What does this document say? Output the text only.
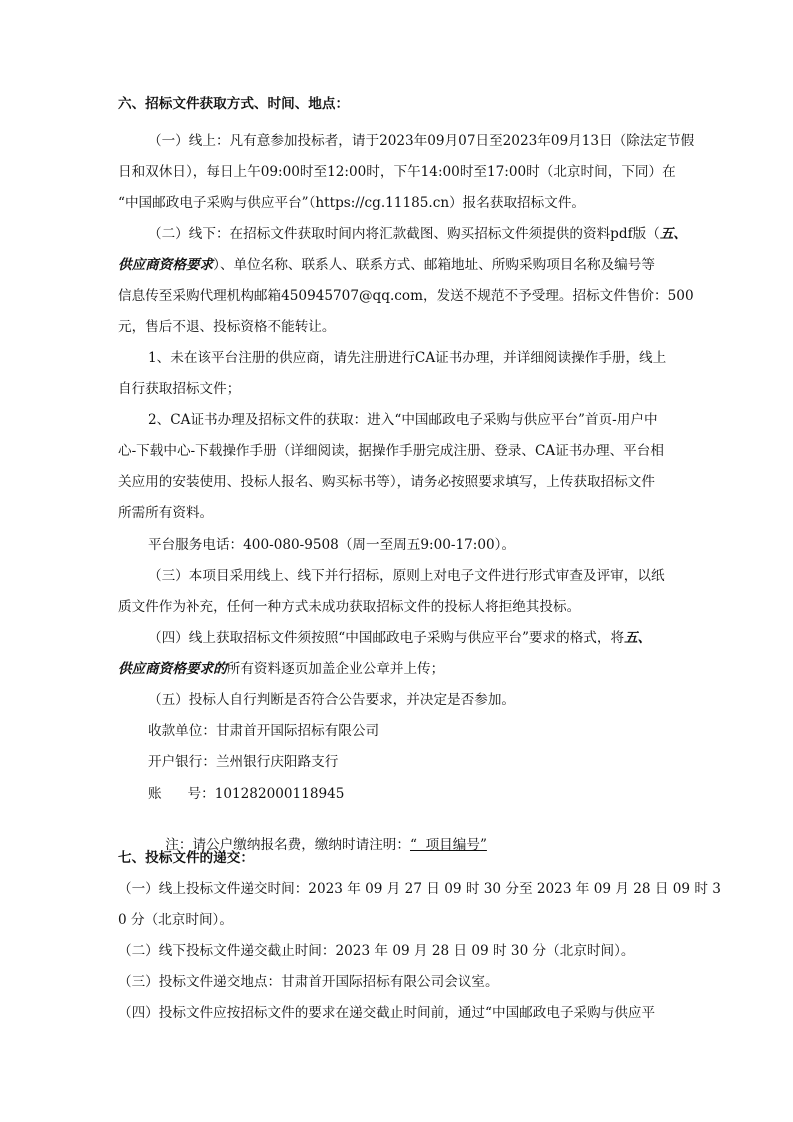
六、招标文件获取方式、时间、地点：
（一）线上：凡有意参加投标者，请于2023年09月07日至2023年09月13日（除法定节假
日和双休日），每日上午09:00时至12:00时，下午14:00时至17:00时（北京时间，下同）在
“中国邮政电子采购与供应平台”（https://cg.11185.cn）报名获取招标文件。
（二）线下：在招标文件获取时间内将汇款截图、购买招标文件须提供的资料pdf版（五、
供应商资格要求）、单位名称、联系人、联系方式、邮箱地址、所购采购项目名称及编号等
信息传至采购代理机构邮箱450945707@qq.com，发送不规范不予受理。招标文件售价：500
元，售后不退、投标资格不能转让。
1、未在该平台注册的供应商，请先注册进行CA证书办理，并详细阅读操作手册，线上
自行获取招标文件；
2、CA证书办理及招标文件的获取：进入“中国邮政电子采购与供应平台”首页-用户中
心-下载中心-下载操作手册（详细阅读，据操作手册完成注册、登录、CA证书办理、平台相
关应用的安装使用、投标人报名、购买标书等），请务必按照要求填写，上传获取招标文件
所需所有资料。
平台服务电话：400-080-9508（周一至周五9:00-17:00）。
（三）本项目采用线上、线下并行招标，原则上对电子文件进行形式审查及评审，以纸
质文件作为补充，任何一种方式未成功获取招标文件的投标人将拒绝其投标。
（四）线上获取招标文件须按照“中国邮政电子采购与供应平台”要求的格式，将五、
供应商资格要求的所有资料逐页加盖企业公章并上传；
（五）投标人自行判断是否符合公告要求，并决定是否参加。
收款单位：甘肃首开国际招标有限公司
开户银行：兰州银行庆阳路支行
账      号：101282000118945

注：请公户缴纳报名费，缴纳时请注明：“  项目编号”

七、投标文件的递交：
（一）线上投标文件递交时间：2023 年 09 月 27 日 09 时 30 分至 2023 年 09 月 28 日 09 时 3
0 分（北京时间）。
（二）线下投标文件递交截止时间：2023 年 09 月 28 日 09 时 30 分（北京时间）。
（三）投标文件递交地点：甘肃首开国际招标有限公司会议室。
（四）投标文件应按招标文件的要求在递交截止时间前，通过“中国邮政电子采购与供应平
